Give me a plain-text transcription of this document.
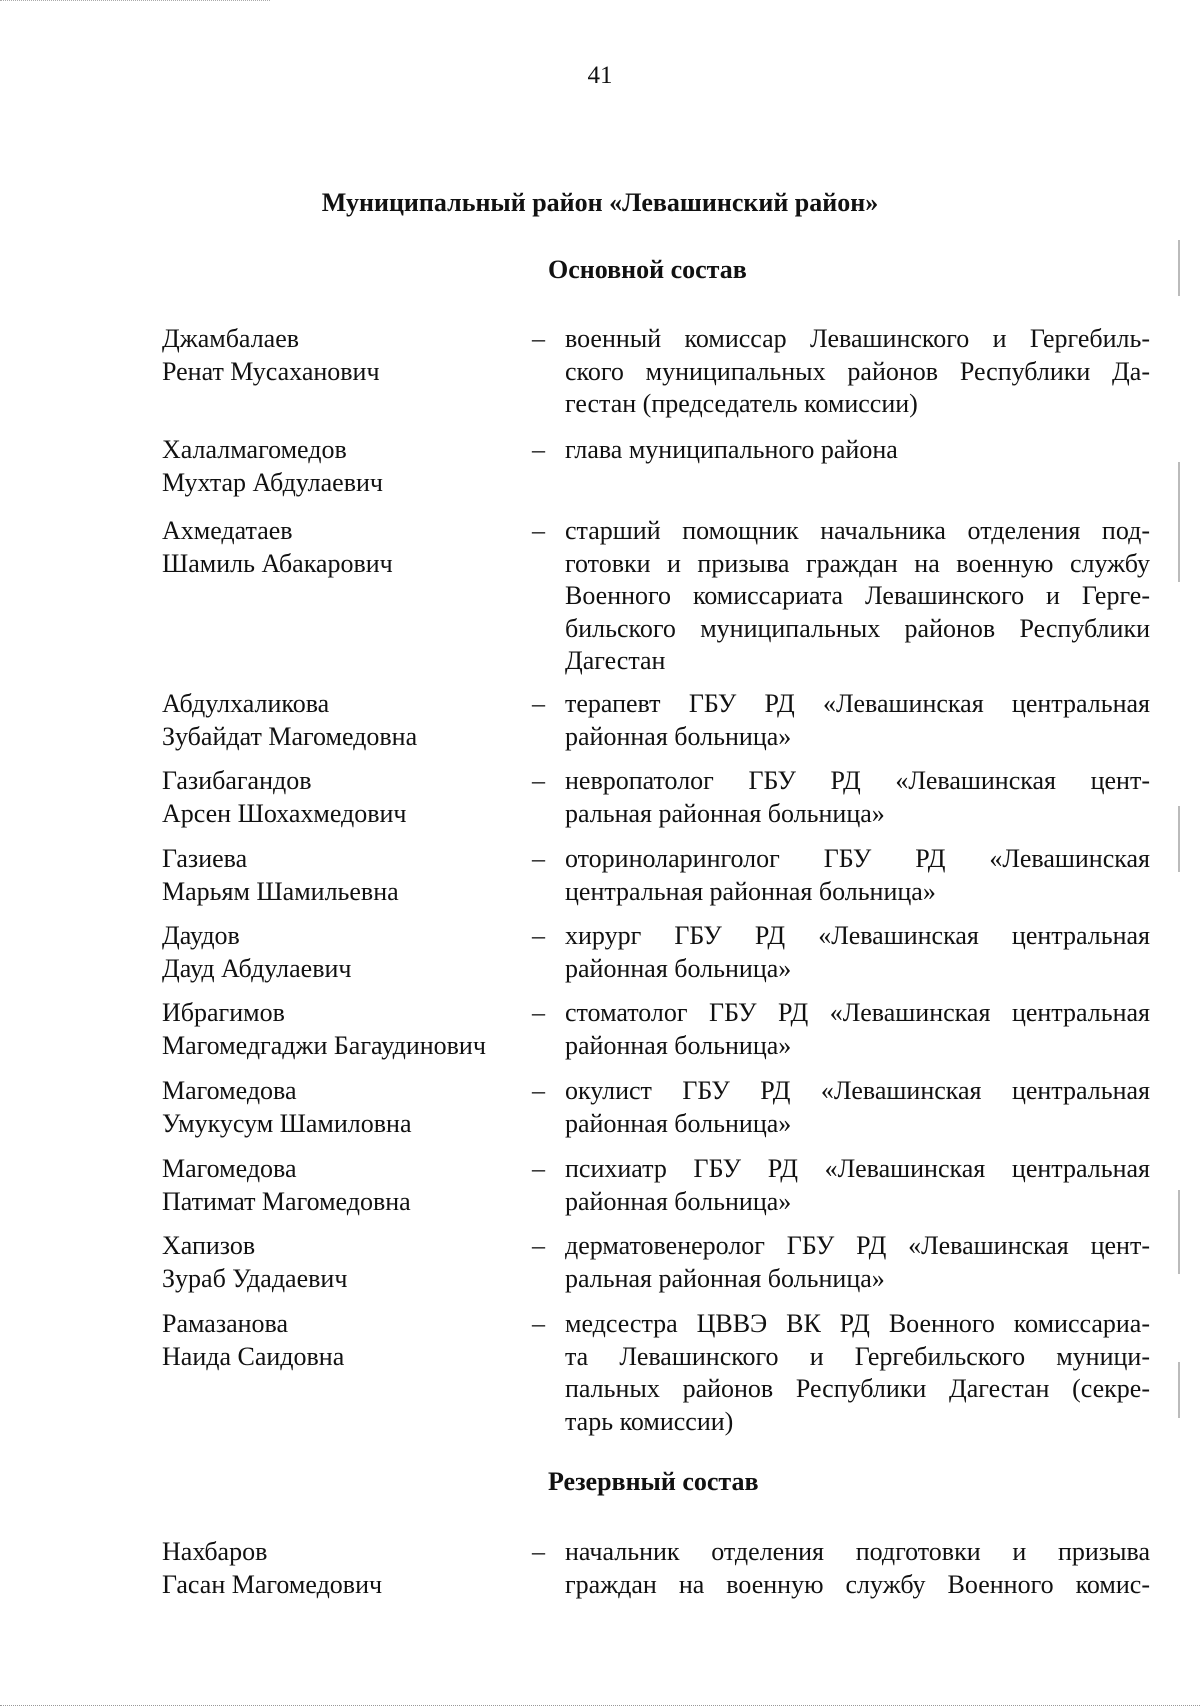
41
Муниципальный район «Левашинский район»
Основной состав
Резервный состав
Джамбалаев
Ренат Мусаханович
– военный комиссар Левашинского и Гергебиль-
ского муниципальных районов Республики Да-
гестан (председатель комиссии)
Халалмагомедов
Мухтар Абдулаевич
– глава муниципального района
Ахмедатаев
Шамиль Абакарович
– старший помощник начальника отделения под-
готовки и призыва граждан на военную службу
Военного комиссариата Левашинского и Герге-
бильского муниципальных районов Республики
Дагестан
Абдулхаликова
Зубайдат Магомедовна
– терапевт ГБУ РД «Левашинская центральная
районная больница»
Газибагандов
Арсен Шохахмедович
– невропатолог ГБУ РД «Левашинская цент-
ральная районная больница»
Газиева
Марьям Шамильевна
– оториноларинголог ГБУ РД «Левашинская
центральная районная больница»
Даудов
Дауд Абдулаевич
– хирург ГБУ РД «Левашинская центральная
районная больница»
Ибрагимов
Магомедгаджи Багаудинович
– стоматолог ГБУ РД «Левашинская центральная
районная больница»
Магомедова
Умукусум Шамиловна
– окулист ГБУ РД «Левашинская центральная
районная больница»
Магомедова
Патимат Магомедовна
– психиатр ГБУ РД «Левашинская центральная
районная больница»
Хапизов
Зураб Удадаевич
– дерматовенеролог ГБУ РД «Левашинская цент-
ральная районная больница»
Рамазанова
Наида Саидовна
– медсестра ЦВВЭ ВК РД Военного комиссариа-
та Левашинского и Гергебильского муници-
пальных районов Республики Дагестан (секре-
тарь комиссии)
Нахбаров
Гасан Магомедович
– начальник отделения подготовки и призыва
граждан на военную службу Военного комис-
